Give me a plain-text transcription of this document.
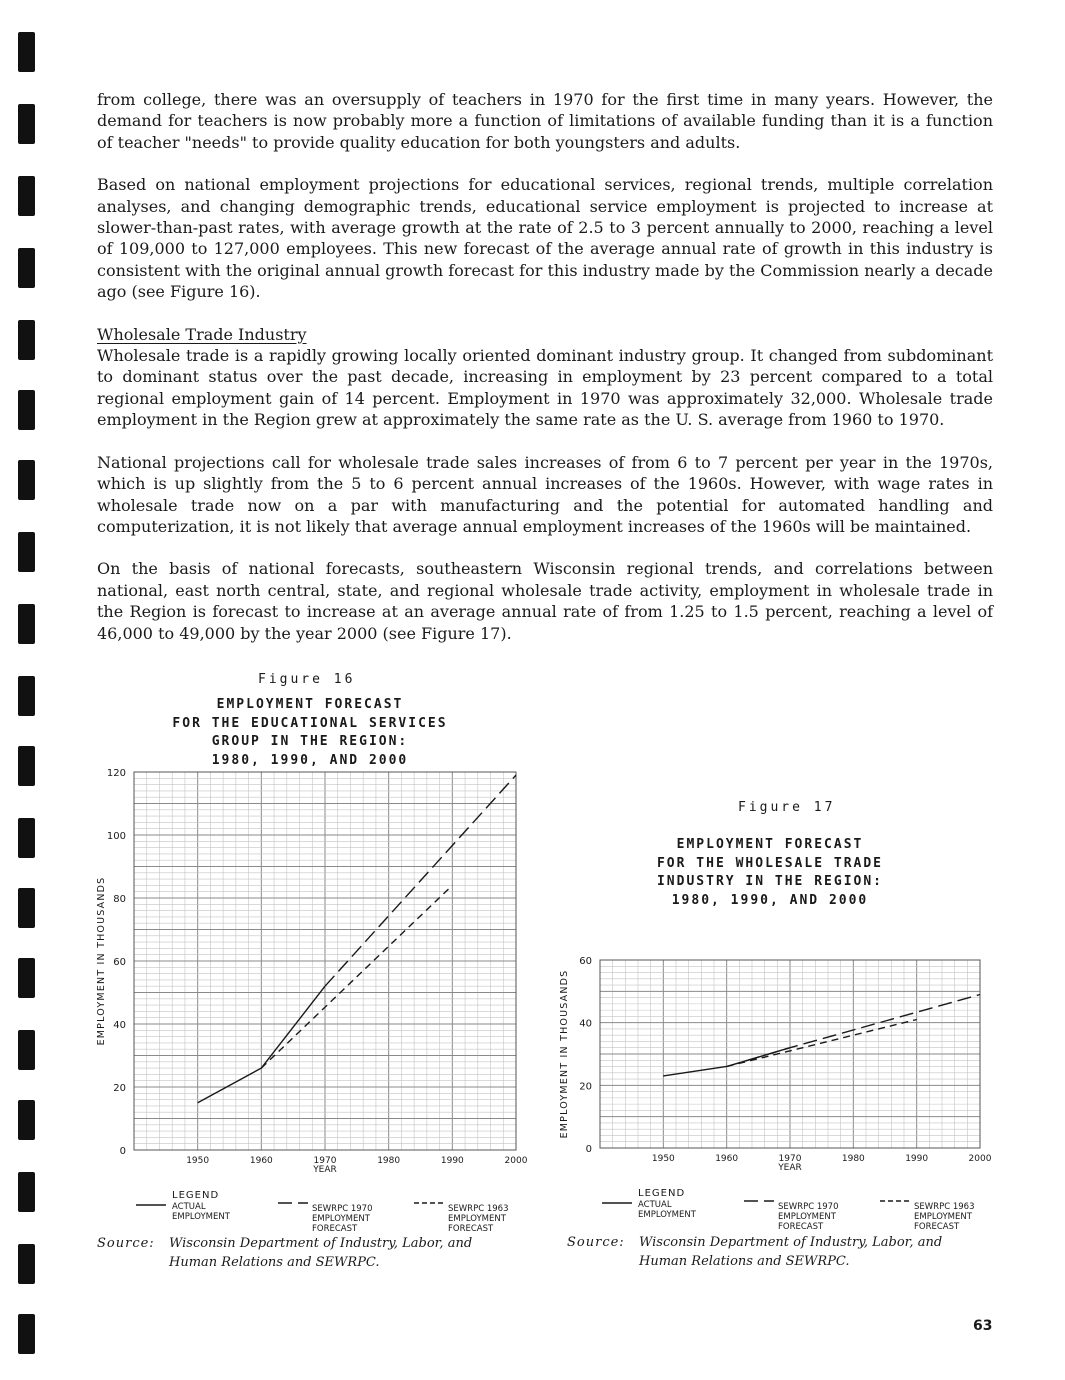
from college, there was an oversupply of teachers in 1970 for the first time in many years. However, the demand for teachers is now probably more a function of limitations of available funding than it is a function of teacher "needs" to provide quality education for both youngsters and adults.

Based on national employment projections for educational services, regional trends, multiple correlation analyses, and changing demographic trends, educational service employment is projected to increase at slower-than-past rates, with average growth at the rate of 2.5 to 3 percent annually to 2000, reaching a level of 109,000 to 127,000 employees. This new forecast of the average annual rate of growth in this industry is consistent with the original annual growth forecast for this industry made by the Commission nearly a decade ago (see Figure 16).

Wholesale Trade Industry

Wholesale trade is a rapidly growing locally oriented dominant industry group. It changed from subdominant to dominant status over the past decade, increasing in employment by 23 percent compared to a total regional employment gain of 14 percent. Employment in 1970 was approximately 32,000. Wholesale trade employment in the Region grew at approximately the same rate as the U. S. average from 1960 to 1970.

National projections call for wholesale trade sales increases of from 6 to 7 percent per year in the 1970s, which is up slightly from the 5 to 6 percent annual increases of the 1960s. However, with wage rates in wholesale trade now on a par with manufacturing and the potential for automated handling and computerization, it is not likely that average annual employment increases of the 1960s will be maintained.

On the basis of national forecasts, southeastern Wisconsin regional trends, and correlations between national, east north central, state, and regional wholesale trade activity, employment in wholesale trade in the Region is forecast to increase at an average annual rate of from 1.25 to 1.5 percent, reaching a level of 46,000 to 49,000 by the year 2000 (see Figure 17).

Figure 16
EMPLOYMENT FORECAST
FOR THE EDUCATIONAL SERVICES
GROUP IN THE REGION:
1980, 1990, AND 2000
Figure 17
EMPLOYMENT FORECAST
FOR THE WHOLESALE TRADE
INDUSTRY IN THE REGION:
1980, 1990, AND 2000
0
20
40
60
80
100
120
1950	1960	1970	1980	1990	2000
YEAR
EMPLOYMENT IN THOUSANDS
LEGEND
ACTUAL
EMPLOYMENT
SEWRPC 1970
EMPLOYMENT
FORECAST
SEWRPC 1963
EMPLOYMENT
FORECAST
0
20
40
60
1950	1960	1970	1980	1990	2000
YEAR
EMPLOYMENT IN THOUSANDS
LEGEND
ACTUAL
EMPLOYMENT
SEWRPC 1970
EMPLOYMENT
FORECAST
SEWRPC 1963
EMPLOYMENT
FORECAST
Source: Wisconsin Department of Industry, Labor, and
Human Relations and SEWRPC.
Source: Wisconsin Department of Industry, Labor, and
Human Relations and SEWRPC.
63
